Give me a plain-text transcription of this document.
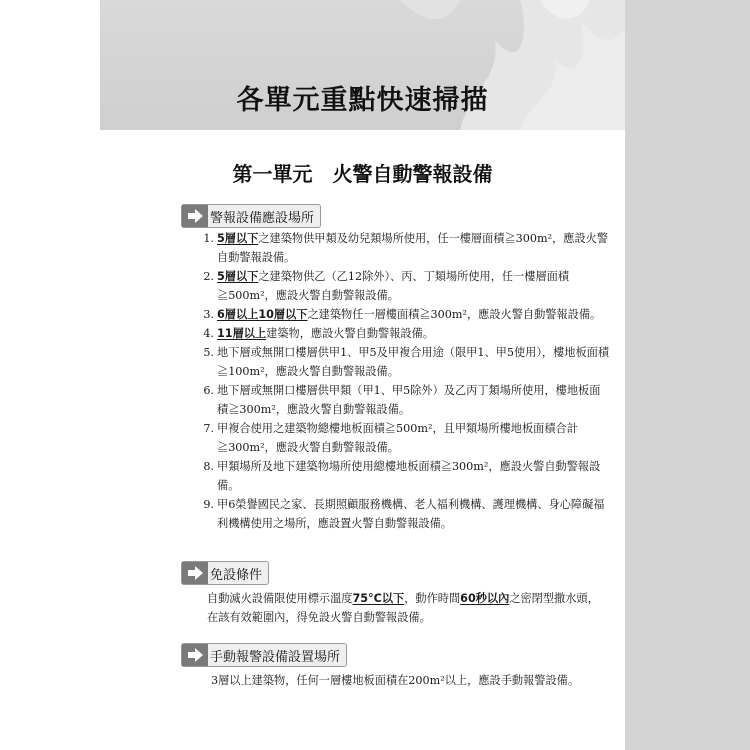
各單元重點快速掃描
第一單元　火警自動警報設備
警報設備應設場所
1. 5層以下之建築物供甲類及幼兒類場所使用，任一樓層面積≧300m²，應設火警自動警報設備。
2. 5層以下之建築物供乙（乙12除外）、丙、丁類場所使用，任一樓層面積≧500m²，應設火警自動警報設備。
3. 6層以上10層以下之建築物任一層樓面積≧300m²，應設火警自動警報設備。
4. 11層以上建築物，應設火警自動警報設備。
5. 地下層或無開口樓層供甲1、甲5及甲複合用途（限甲1、甲5使用），樓地板面積≧100m²，應設火警自動警報設備。
6. 地下層或無開口樓層供甲類（甲1、甲5除外）及乙丙丁類場所使用，樓地板面積≧300m²，應設火警自動警報設備。
7. 甲複合使用之建築物總樓地板面積≧500m²，且甲類場所樓地板面積合計≧300m²，應設火警自動警報設備。
8. 甲類場所及地下建築物場所使用總樓地板面積≧300m²，應設火警自動警報設備。
9. 甲6榮譽國民之家、長期照顧服務機構、老人福利機構、護理機構、身心障礙福利機構使用之場所，應設置火警自動警報設備。
免設條件
自動滅火設備限使用標示溫度75°C以下，動作時間60秒以內之密閉型撒水頭，在該有效範圍內，得免設火警自動警報設備。
手動報警設備設置場所
3層以上建築物，任何一層樓地板面積在200m²以上，應設手動報警設備。
